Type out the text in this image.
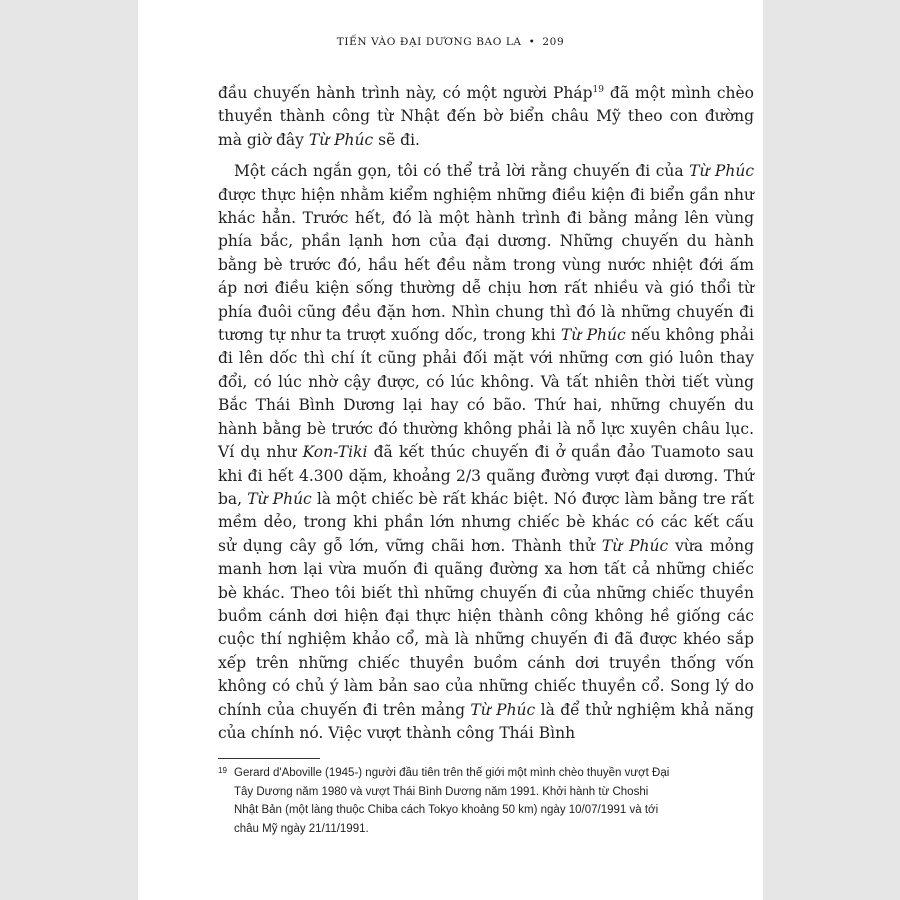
TIẾN VÀO ĐẠI DƯƠNG BAO LA • 209

đầu chuyến hành trình này, có một người Pháp$^{19}$ đã một mình chèo thuyền thành công từ Nhật đến bờ biển châu Mỹ theo con đường mà giờ đây Từ Phúc sẽ đi.

Một cách ngắn gọn, tôi có thể trả lời rằng chuyến đi của Từ Phúc được thực hiện nhằm kiểm nghiệm những điều kiện đi biển gần như khác hẳn. Trước hết, đó là một hành trình đi bằng mảng lên vùng phía bắc, phần lạnh hơn của đại dương. Những chuyến du hành bằng bè trước đó, hầu hết đều nằm trong vùng nước nhiệt đới ấm áp nơi điều kiện sống thường dễ chịu hơn rất nhiều và gió thổi từ phía đuôi cũng đều đặn hơn. Nhìn chung thì đó là những chuyến đi tương tự như ta trượt xuống dốc, trong khi Từ Phúc nếu không phải đi lên dốc thì chí ít cũng phải đối mặt với những cơn gió luôn thay đổi, có lúc nhờ cậy được, có lúc không. Và tất nhiên thời tiết vùng Bắc Thái Bình Dương lại hay có bão. Thứ hai, những chuyến du hành bằng bè trước đó thường không phải là nỗ lực xuyên châu lục. Ví dụ như Kon-Tiki đã kết thúc chuyến đi ở quần đảo Tuamoto sau khi đi hết 4.300 dặm, khoảng 2/3 quãng đường vượt đại dương. Thứ ba, Từ Phúc là một chiếc bè rất khác biệt. Nó được làm bằng tre rất mềm dẻo, trong khi phần lớn nhưng chiếc bè khác có các kết cấu sử dụng cây gỗ lớn, vững chãi hơn. Thành thử Từ Phúc vừa mỏng manh hơn lại vừa muốn đi quãng đường xa hơn tất cả những chiếc bè khác. Theo tôi biết thì những chuyến đi của những chiếc thuyền buồm cánh dơi hiện đại thực hiện thành công không hề giống các cuộc thí nghiệm khảo cổ, mà là những chuyến đi đã được khéo sắp xếp trên những chiếc thuyền buồm cánh dơi truyền thống vốn không có chủ ý làm bản sao của những chiếc thuyền cổ. Song lý do chính của chuyến đi trên mảng Từ Phúc là để thử nghiệm khả năng của chính nó. Việc vượt thành công Thái Bình

19 Gerard d'Aboville (1945-) người đầu tiên trên thế giới một mình chèo thuyền vượt Đại Tây Dương năm 1980 và vượt Thái Bình Dương năm 1991. Khởi hành từ Choshi Nhật Bản (một làng thuộc Chiba cách Tokyo khoảng 50 km) ngày 10/07/1991 và tới châu Mỹ ngày 21/11/1991.
